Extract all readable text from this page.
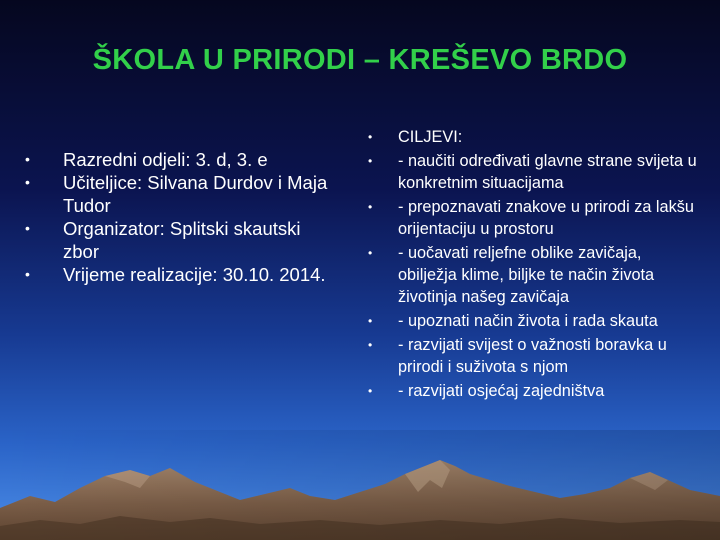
ŠKOLA U PRIRODI – KREŠEVO BRDO
•	Razredni odjeli: 3. d, 3. e
•	Učiteljice: Silvana Durdov i Maja Tudor
•	Organizator: Splitski skautski zbor
•	Vrijeme realizacije: 30.10. 2014.
•	CILJEVI:
•	- naučiti određivati glavne strane svijeta u konkretnim situacijama
•	- prepoznavati znakove u prirodi za lakšu orijentaciju u prostoru
•	- uočavati reljefne oblike zavičaja, obilježja klime, biljke te način života životinja našeg zavičaja
•	- upoznati način života i rada skauta
•	- razvijati svijest o važnosti boravka u prirodi i suživota s njom
•	- razvijati osjećaj zajedništva
